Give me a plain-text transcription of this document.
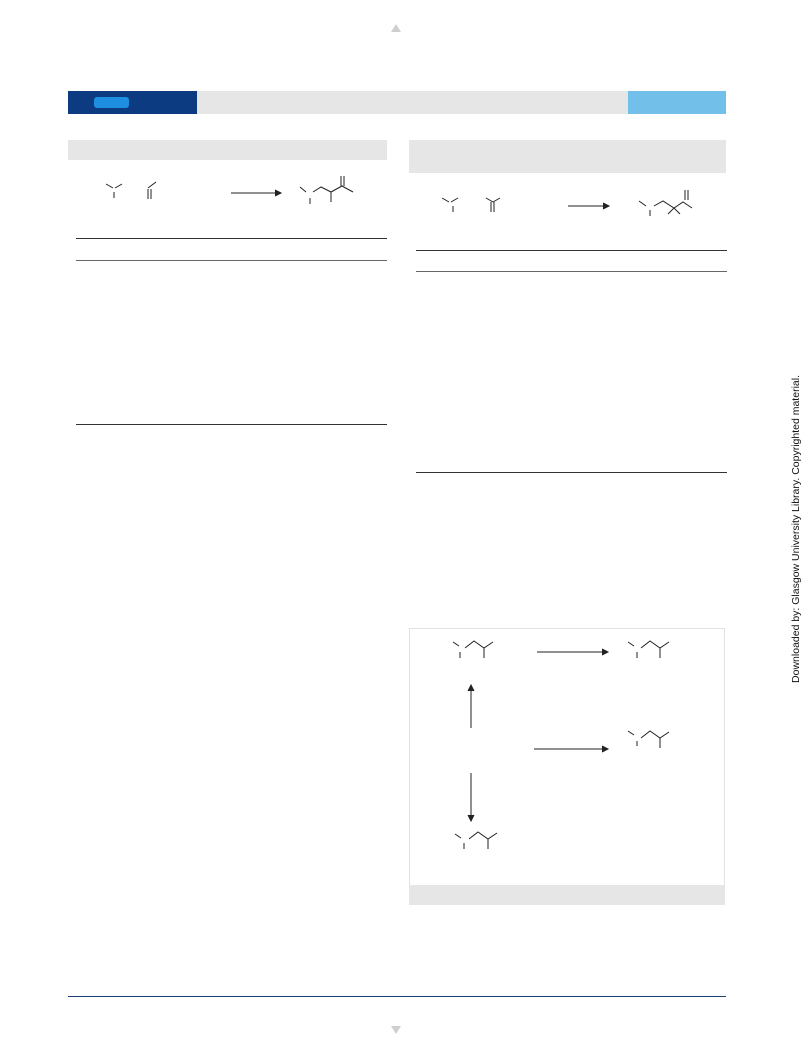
Downloaded by: Glasgow University Library. Copyrighted material.
